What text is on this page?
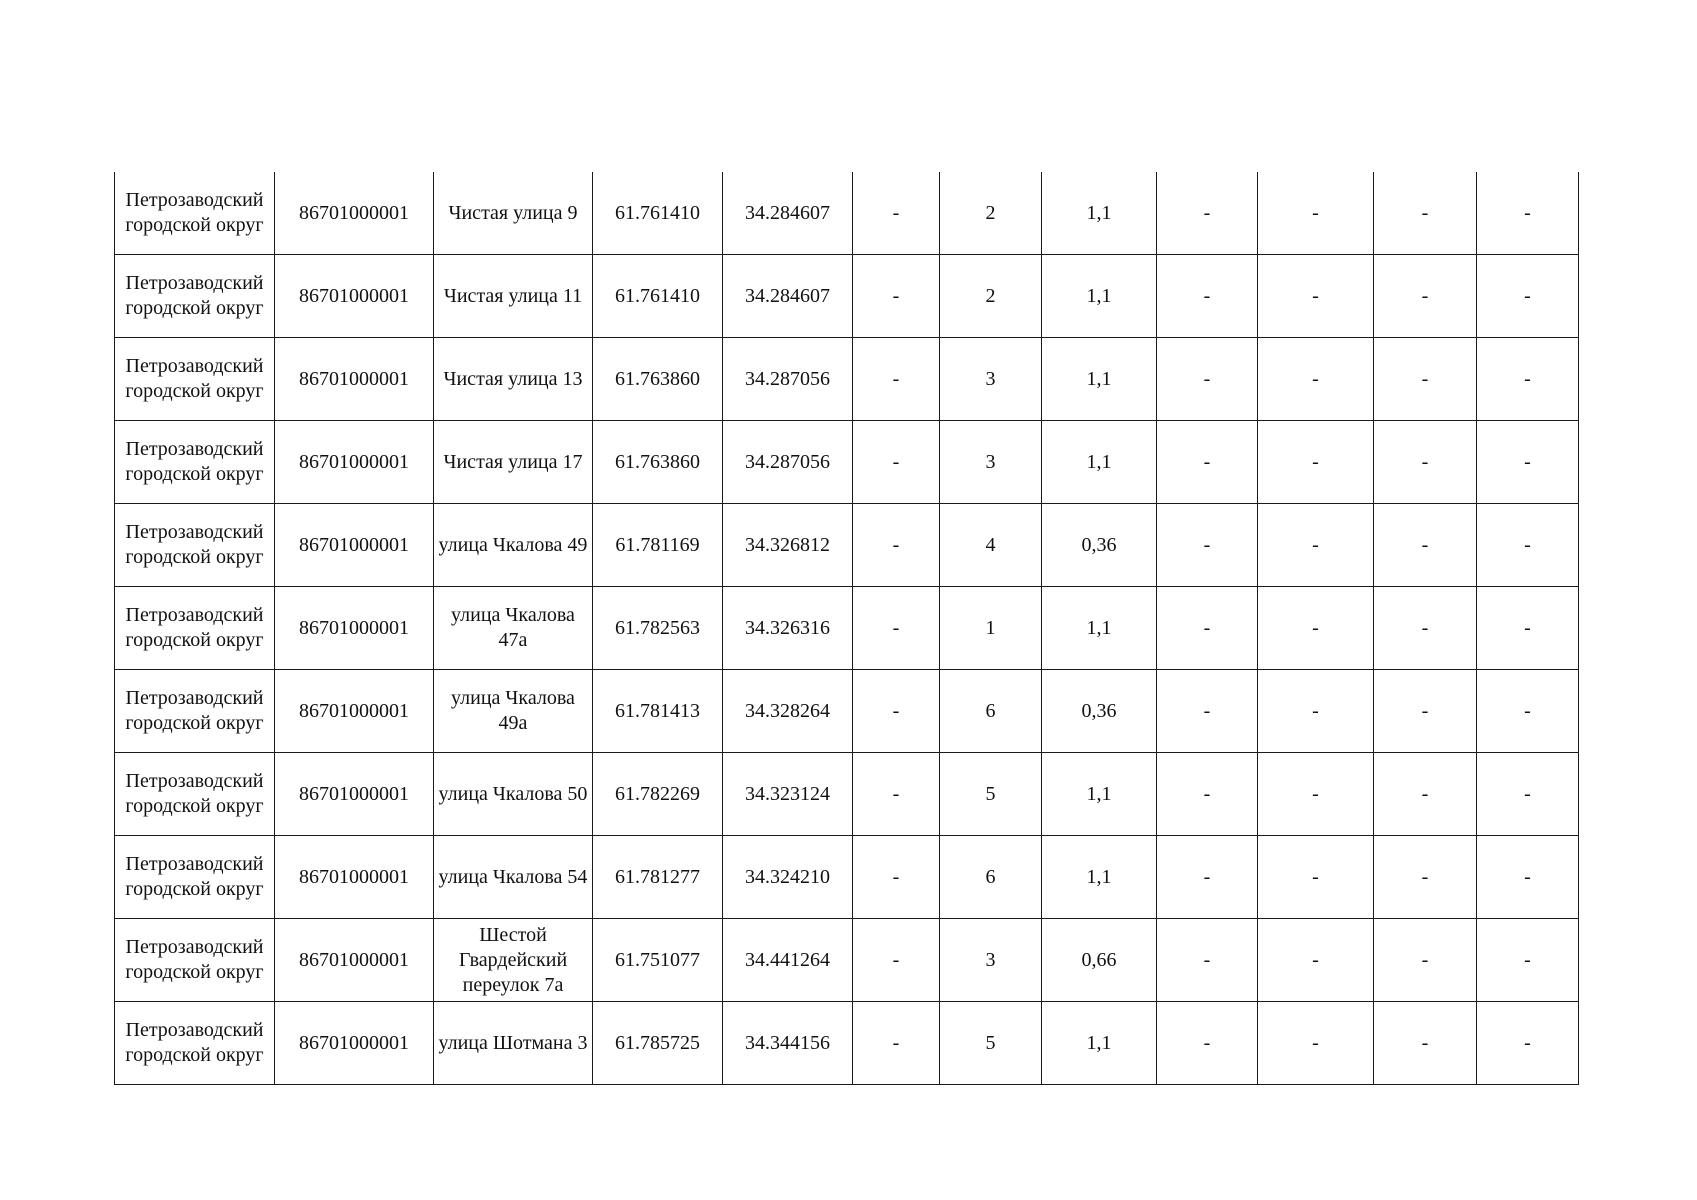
Петрозаводский городской округ	86701000001	Чистая улица 9	61.761410	34.284607	-	2	1,1	-	-	-	-
Петрозаводский городской округ	86701000001	Чистая улица 11	61.761410	34.284607	-	2	1,1	-	-	-	-
Петрозаводский городской округ	86701000001	Чистая улица 13	61.763860	34.287056	-	3	1,1	-	-	-	-
Петрозаводский городской округ	86701000001	Чистая улица 17	61.763860	34.287056	-	3	1,1	-	-	-	-
Петрозаводский городской округ	86701000001	улица Чкалова 49	61.781169	34.326812	-	4	0,36	-	-	-	-
Петрозаводский городской округ	86701000001	улица Чкалова 47а	61.782563	34.326316	-	1	1,1	-	-	-	-
Петрозаводский городской округ	86701000001	улица Чкалова 49а	61.781413	34.328264	-	6	0,36	-	-	-	-
Петрозаводский городской округ	86701000001	улица Чкалова 50	61.782269	34.323124	-	5	1,1	-	-	-	-
Петрозаводский городской округ	86701000001	улица Чкалова 54	61.781277	34.324210	-	6	1,1	-	-	-	-
Петрозаводский городской округ	86701000001	Шестой Гвардейский переулок 7а	61.751077	34.441264	-	3	0,66	-	-	-	-
Петрозаводский городской округ	86701000001	улица Шотмана 3	61.785725	34.344156	-	5	1,1	-	-	-	-
